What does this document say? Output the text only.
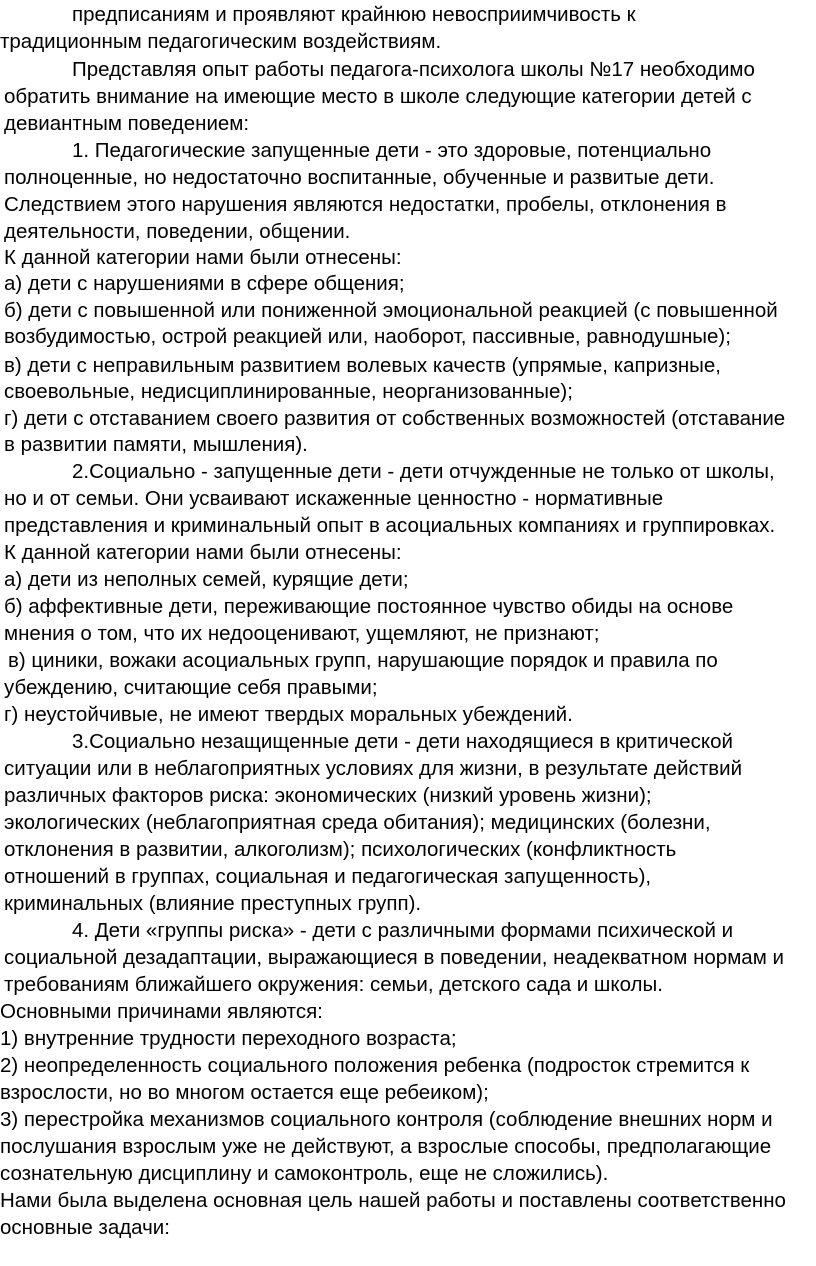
предписаниям и проявляют крайнюю невосприимчивость к
традиционным педагогическим воздействиям.
Представляя опыт работы педагога-психолога школы №17 необходимо
обратить внимание на имеющие место в школе следующие категории детей с
девиантным поведением:
1. Педагогические запущенные дети - это здоровые, потенциально
полноценные, но недостаточно воспитанные, обученные и развитые дети.
Следствием этого нарушения являются недостатки, пробелы, отклонения в
деятельности, поведении, общении.
К данной категории нами были отнесены:
а) дети с нарушениями в сфере общения;
б) дети с повышенной или пониженной эмоциональной реакцией (с повышенной
возбудимостью, острой реакцией или, наоборот, пассивные, равнодушные);
в) дети с неправильным развитием волевых качеств (упрямые, капризные,
своевольные, недисциплинированные, неорганизованные);
г) дети с отставанием своего развития от собственных возможностей (отставание
в развитии памяти, мышления).
2.Социально - запущенные дети - дети отчужденные не только от школы,
но и от семьи. Они усваивают искаженные ценностно - нормативные
представления и криминальный опыт в асоциальных компаниях и группировках.
К данной категории нами были отнесены:
а) дети из неполных семей, курящие дети;
б) аффективные дети, переживающие постоянное чувство обиды на основе
мнения о том, что их недооценивают, ущемляют, не признают;
в) циники, вожаки асоциальных групп, нарушающие порядок и правила по
убеждению, считающие себя правыми;
г) неустойчивые, не имеют твердых моральных убеждений.
3.Социально незащищенные дети - дети находящиеся в критической
ситуации или в неблагоприятных условиях для жизни, в результате действий
различных факторов риска: экономических (низкий уровень жизни);
экологических (неблагоприятная среда обитания); медицинских (болезни,
отклонения в развитии, алкоголизм); психологических (конфликтность
отношений в группах, социальная и педагогическая запущенность),
криминальных (влияние преступных групп).
4. Дети «группы риска» - дети с различными формами психической и
социальной дезадаптации, выражающиеся в поведении, неадекватном нормам и
требованиям ближайшего окружения: семьи, детского сада и школы.
Основными причинами являются:
1) внутренние трудности переходного возраста;
2) неопределенность социального положения ребенка (подросток стремится к
взрослости, но во многом остается еще ребеиком);
3) перестройка механизмов социального контроля (соблюдение внешних норм и
послушания взрослым уже не действуют, а взрослые способы, предполагающие
сознательную дисциплину и самоконтроль, еще не сложились).
Нами была выделена основная цель нашей работы и поставлены соответственно
основные задачи:
